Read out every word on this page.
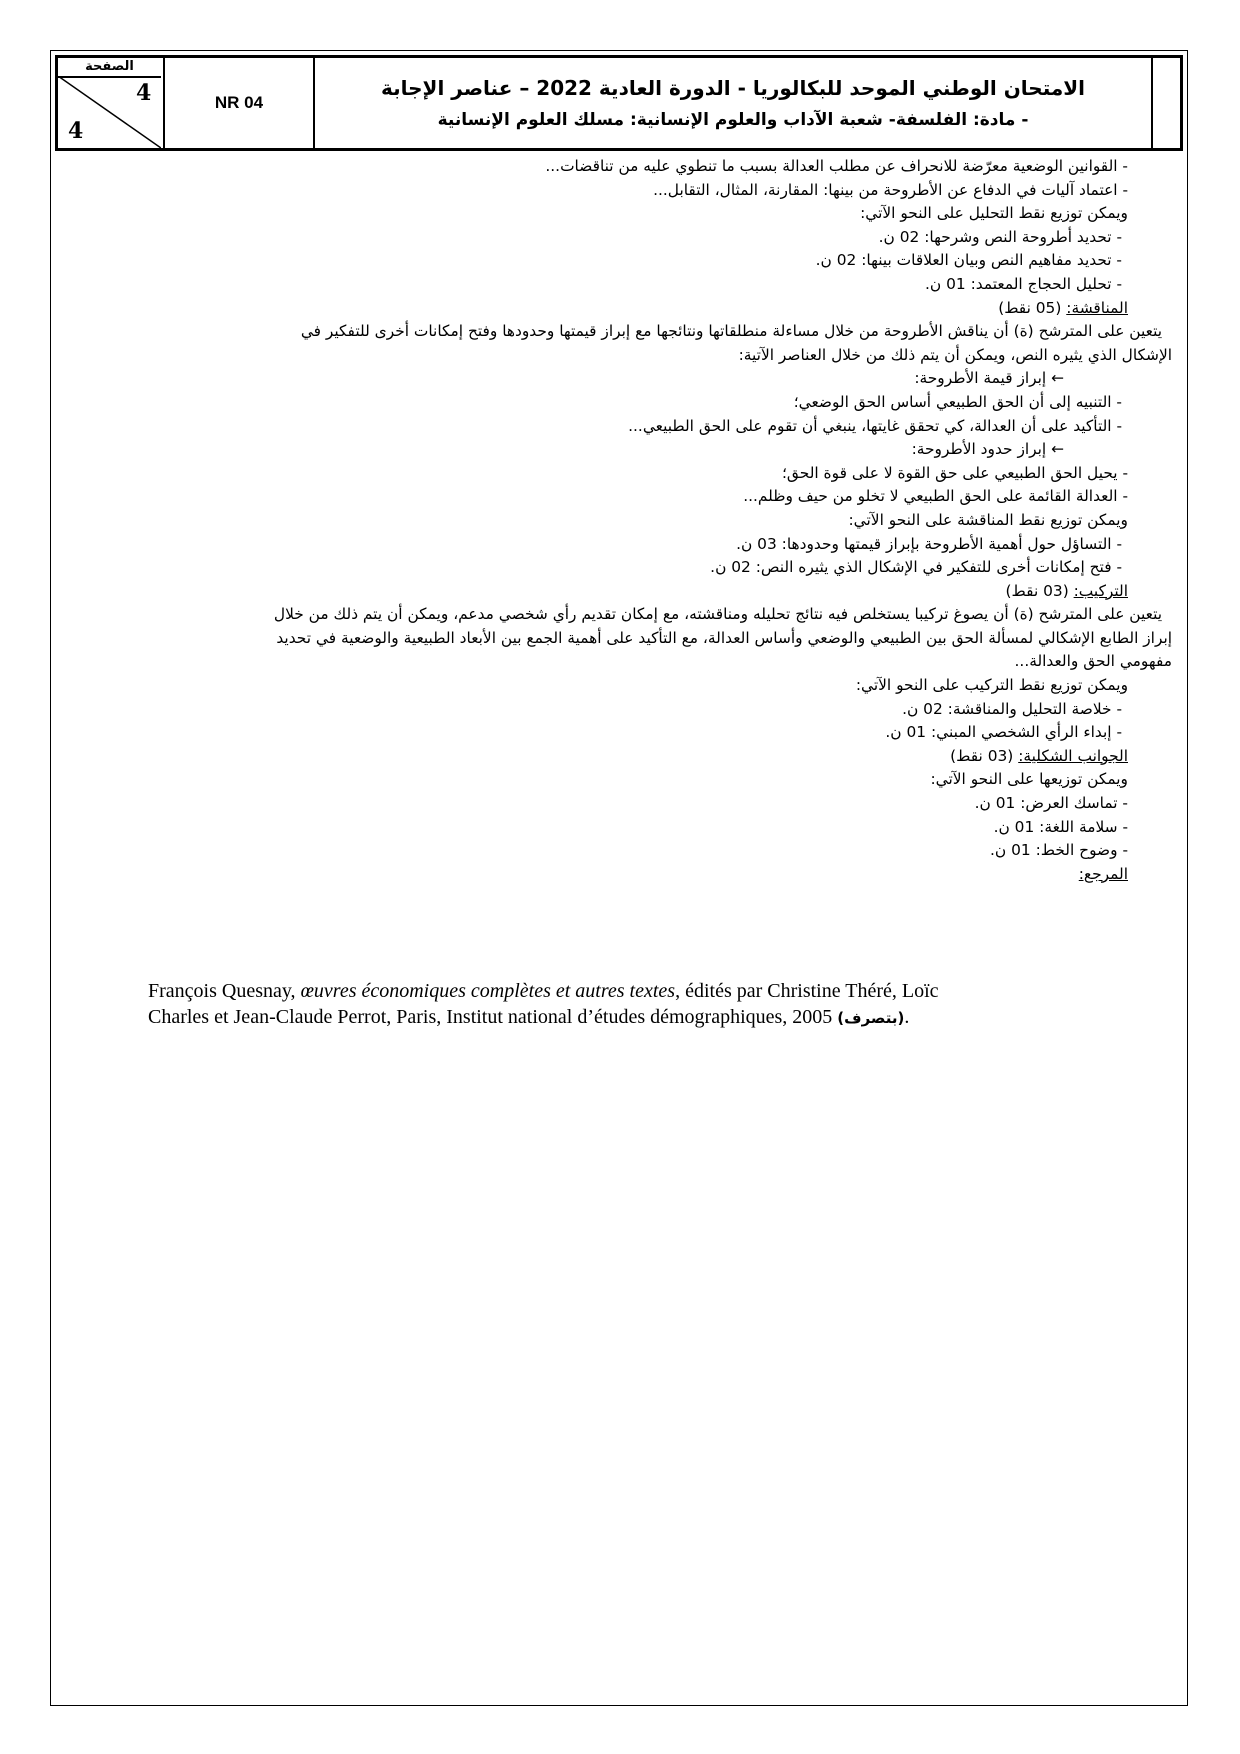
الصفحة
4
4
NR 04
الامتحان الوطني الموحد للبكالوريا - الدورة العادية 2022 – عناصر الإجابة
- مادة: الفلسفة- شعبة الآداب والعلوم الإنسانية: مسلك العلوم الإنسانية
- القوانين الوضعية معرّضة للانحراف عن مطلب العدالة بسبب ما تنطوي عليه من تناقضات...
- اعتماد آليات في الدفاع عن الأطروحة من بينها: المقارنة، المثال، التقابل...
ويمكن توزيع نقط التحليل على النحو الآتي:
- تحديد أطروحة النص وشرحها: 02 ن.
- تحديد مفاهيم النص وبيان العلاقات بينها: 02 ن.
- تحليل الحجاج المعتمد: 01 ن.
المناقشة: (05 نقط)
يتعين على المترشح (ة) أن يناقش الأطروحة من خلال مساءلة منطلقاتها ونتائجها مع إبراز قيمتها وحدودها وفتح إمكانات أخرى للتفكير في
الإشكال الذي يثيره النص، ويمكن أن يتم ذلك من خلال العناصر الآتية:
← إبراز قيمة الأطروحة:
- التنبيه إلى أن الحق الطبيعي أساس الحق الوضعي؛
- التأكيد على أن العدالة، كي تحقق غايتها، ينبغي أن تقوم على الحق الطبيعي...
← إبراز حدود الأطروحة:
- يحيل الحق الطبيعي على حق القوة لا على قوة الحق؛
- العدالة القائمة على الحق الطبيعي لا تخلو من حيف وظلم...
ويمكن توزيع نقط المناقشة على النحو الآتي:
- التساؤل حول أهمية الأطروحة بإبراز قيمتها وحدودها: 03 ن.
- فتح إمكانات أخرى للتفكير في الإشكال الذي يثيره النص: 02 ن.
التركيب: (03 نقط)
يتعين على المترشح (ة) أن يصوغ تركيبا يستخلص فيه نتائج تحليله ومناقشته، مع إمكان تقديم رأي شخصي مدعم، ويمكن أن يتم ذلك من خلال
إبراز الطابع الإشكالي لمسألة الحق بين الطبيعي والوضعي وأساس العدالة، مع التأكيد على أهمية الجمع بين الأبعاد الطبيعية والوضعية في تحديد
مفهومي الحق والعدالة...
ويمكن توزيع نقط التركيب على النحو الآتي:
- خلاصة التحليل والمناقشة: 02 ن.
- إبداء الرأي الشخصي المبني: 01 ن.
الجوانب الشكلية: (03 نقط)
ويمكن توزيعها على النحو الآتي:
- تماسك العرض: 01 ن.
- سلامة اللغة: 01 ن.
- وضوح الخط: 01 ن.
المرجع:
François Quesnay, œuvres économiques complètes et autres textes, édités par Christine Théré, Loïc
Charles et Jean-Claude Perrot, Paris, Institut national d’études démographiques, 2005 (بتصرف).
